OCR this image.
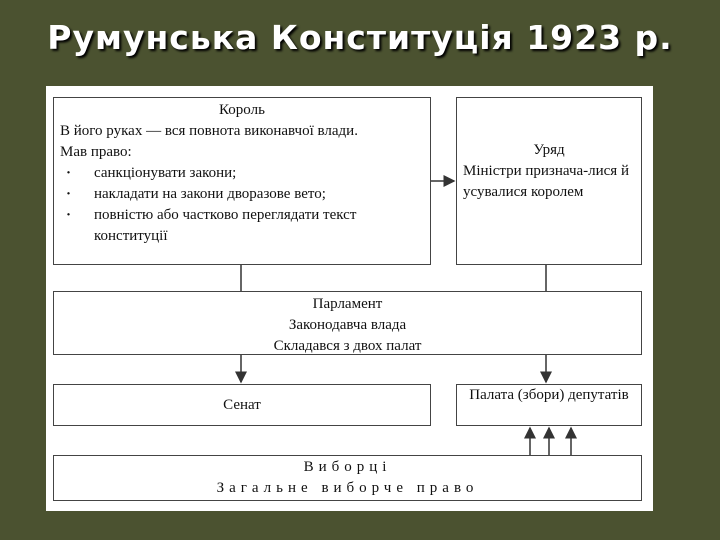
Румунська Конституція 1923 р.
Король
В його руках — вся повнота виконавчої влади.
Мав право:
· санкціонувати закони;
· накладати на закони дворазове вето;
· повністю або частково переглядати текст конституції
Уряд
Міністри признача-лися й усувалися королем
Парламент
Законодавча влада
Складався з двох палат
Сенат
Палата (збори) депутатів
Виборці
Загальне виборче право
